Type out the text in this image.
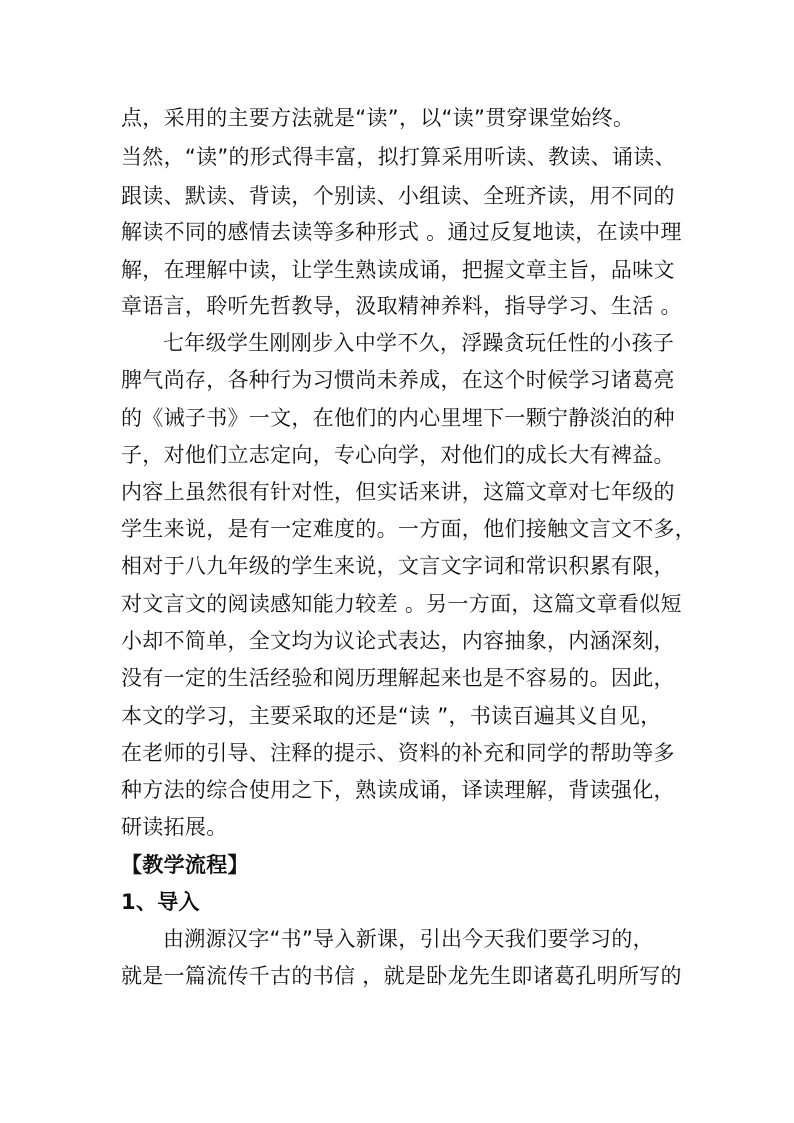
点，采用的主要方法就是“读”，以“读”贯穿课堂始终。
当然，“读”的形式得丰富，拟打算采用听读、教读、诵读、
跟读、默读、背读，个别读、小组读、全班齐读，用不同的
解读不同的感情去读等多种形式 。通过反复地读，在读中理
解，在理解中读，让学生熟读成诵，把握文章主旨，品味文
章语言，聆听先哲教导，汲取精神养料，指导学习、生活 。
七年级学生刚刚步入中学不久，浮躁贪玩任性的小孩子
脾气尚存，各种行为习惯尚未养成，在这个时候学习诸葛亮
的《诫子书》一文，在他们的内心里埋下一颗宁静淡泊的种
子，对他们立志定向，专心向学，对他们的成长大有裨益。
内容上虽然很有针对性，但实话来讲，这篇文章对七年级的
学生来说，是有一定难度的。一方面，他们接触文言文不多，
相对于八九年级的学生来说，文言文字词和常识积累有限，
对文言文的阅读感知能力较差 。另一方面，这篇文章看似短
小却不简单，全文均为议论式表达，内容抽象，内涵深刻，
没有一定的生活经验和阅历理解起来也是不容易的。因此，
本文的学习，主要采取的还是“读 ”，书读百遍其义自见，
在老师的引导、注释的提示、资料的补充和同学的帮助等多
种方法的综合使用之下，熟读成诵，译读理解，背读强化，
研读拓展。
【教学流程】
1、导入
由溯源汉字“书”导入新课，引出今天我们要学习的，
就是一篇流传千古的书信 ，就是卧龙先生即诸葛孔明所写的
